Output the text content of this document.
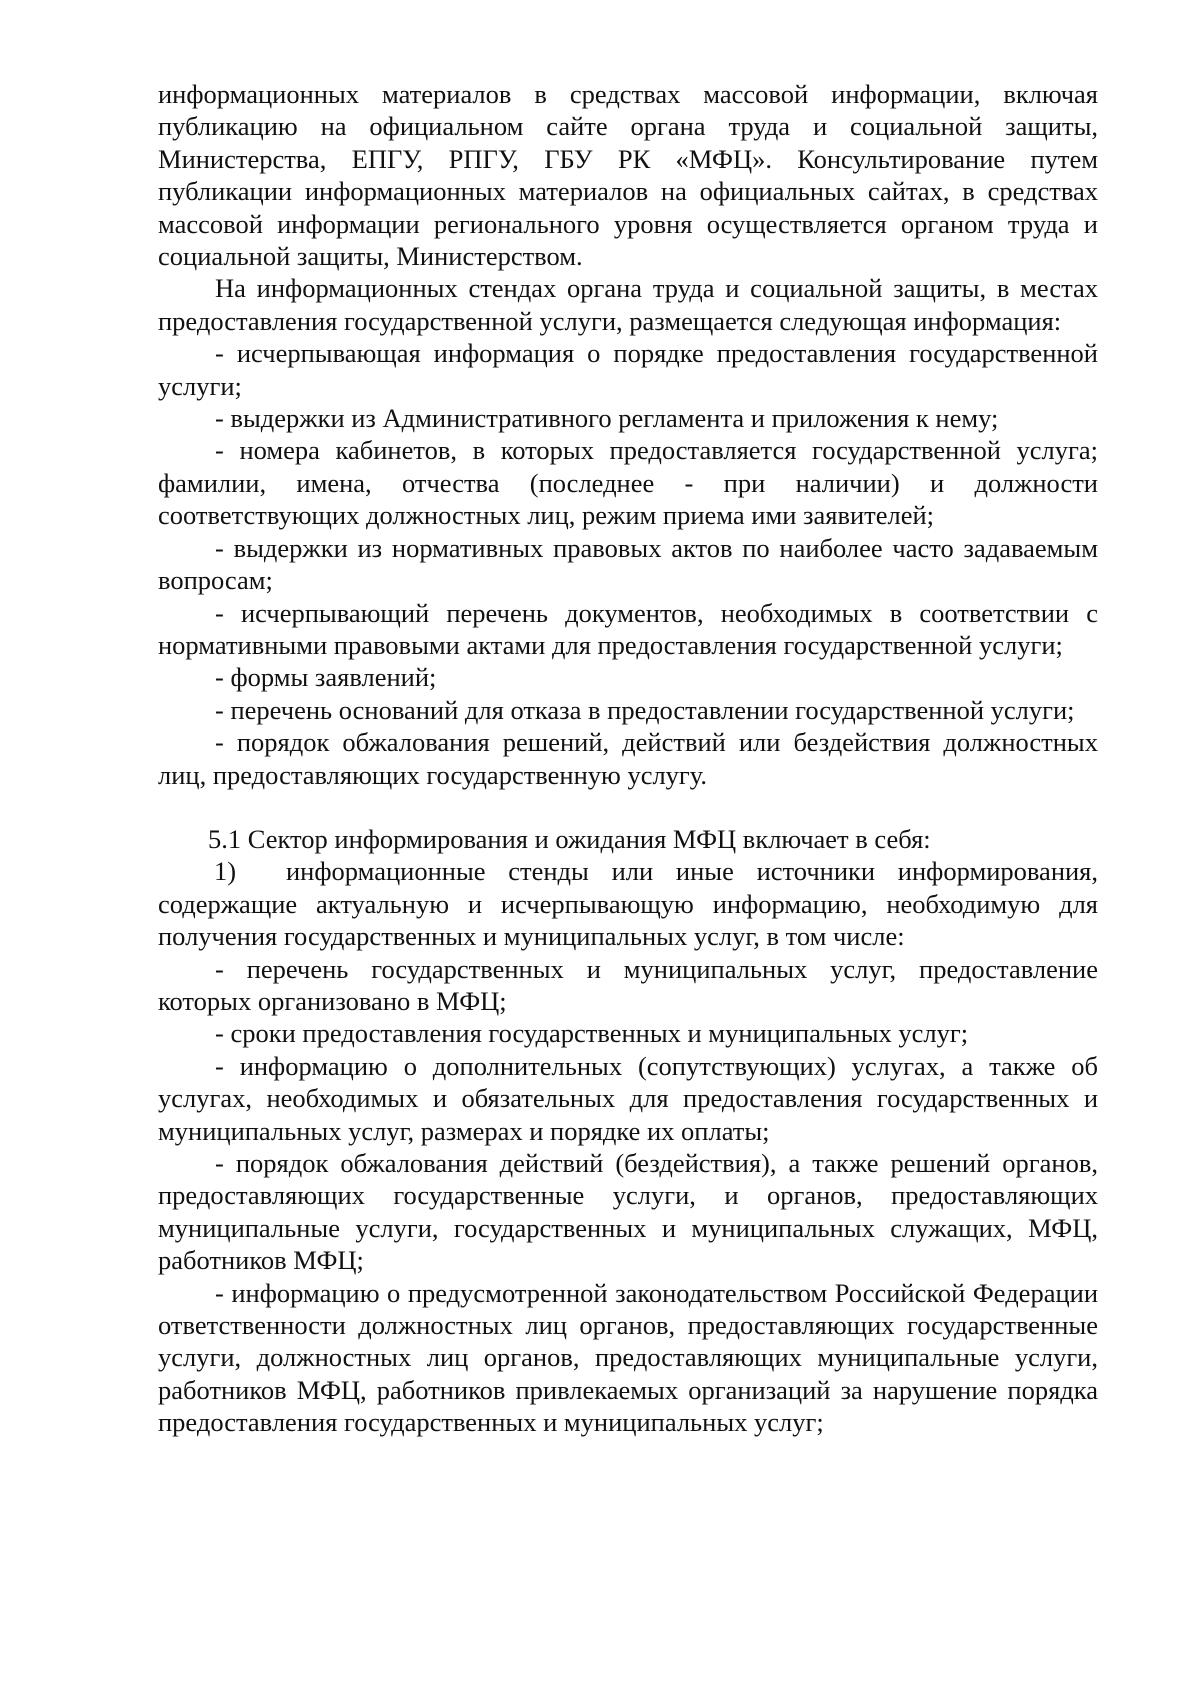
информационных материалов в средствах массовой информации, включая публикацию на официальном сайте органа труда и социальной защиты, Министерства, ЕПГУ, РПГУ, ГБУ РК «МФЦ». Консультирование путем публикации информационных материалов на официальных сайтах, в средствах массовой информации регионального уровня осуществляется органом труда и социальной защиты, Министерством.

На информационных стендах органа труда и социальной защиты, в местах предоставления государственной услуги, размещается следующая информация:

- исчерпывающая информация о порядке предоставления государственной услуги;

- выдержки из Административного регламента и приложения к нему;

- номера кабинетов, в которых предоставляется государственной услуга; фамилии, имена, отчества (последнее - при наличии) и должности соответствующих должностных лиц, режим приема ими заявителей;

- выдержки из нормативных правовых актов по наиболее часто задаваемым вопросам;

- исчерпывающий перечень документов, необходимых в соответствии с нормативными правовыми актами для предоставления государственной услуги;

- формы заявлений;

- перечень оснований для отказа в предоставлении государственной услуги;

- порядок обжалования решений, действий или бездействия должностных лиц, предоставляющих государственную услугу.

5.1 Сектор информирования и ожидания МФЦ включает в себя:

1) информационные стенды или иные источники информирования, содержащие актуальную и исчерпывающую информацию, необходимую для получения государственных и муниципальных услуг, в том числе:

- перечень государственных и муниципальных услуг, предоставление которых организовано в МФЦ;

- сроки предоставления государственных и муниципальных услуг;

- информацию о дополнительных (сопутствующих) услугах, а также об услугах, необходимых и обязательных для предоставления государственных и муниципальных услуг, размерах и порядке их оплаты;

- порядок обжалования действий (бездействия), а также решений органов, предоставляющих государственные услуги, и органов, предоставляющих муниципальные услуги, государственных и муниципальных служащих, МФЦ, работников МФЦ;

- информацию о предусмотренной законодательством Российской Федерации ответственности должностных лиц органов, предоставляющих государственные услуги, должностных лиц органов, предоставляющих муниципальные услуги, работников МФЦ, работников привлекаемых организаций за нарушение порядка предоставления государственных и муниципальных услуг;
